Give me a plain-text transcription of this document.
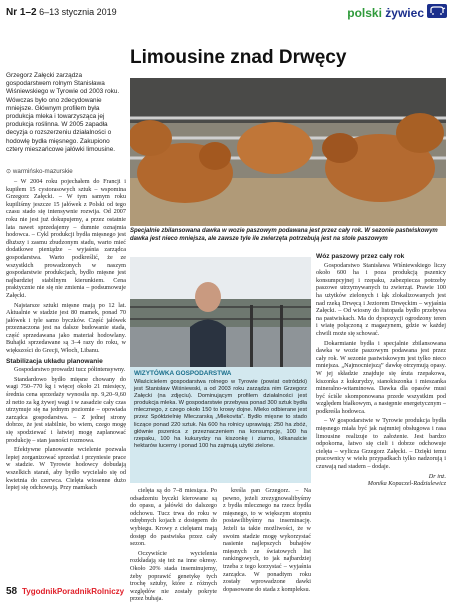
Nr 1–2 6–13 stycznia 2019	polski żywiec
Limousine znad Drwęcy
Grzegorz Załęcki zarządza gospodarstwem rolnym Stanisława Wiśniewskiego w Tyrowie od 2003 roku. Wówczas było ono zdecydowanie mniejsze. Głównym profilem była produkcja mleka i towarzysząca jej produkcja roślinna. W 2005 zapadła decyzja o rozszerzeniu działalności o hodowlę bydła mięsnego. Zakupiono cztery mieszańcowe jałówki limousine.
⊙ warmińsko-mazurskie

– W 2004 roku pojechałem do Francji i kupiłem 15 cystorasowych sztuk – wspomina Grzegorz Załęcki. – W tym samym roku kupiliśmy jeszcze 15 jałówek z Polski od tego czasu stado się intensywnie rozwija. Od 2007 roku nie jest już dokupujemy, a przez ostatnie lata nawet sprzedajemy – dumnie oznajmia hodowca. – Cykl produkcji bydła mięsnego jest dłuższy i zasmu zbudzonym stadu, warto mieć dodatkowe pieniądze – wyjaśnia zarządca gospodarstwa. Warto podkreślić, że ze wszystkich prowadzonych w naszym gospodarstwie produkcjach, bydło mięsne jest najbardziej stabilnym kierunkiem. Cena praktycznie nie się nie zmienia – podsumowuje Załęcki.

Najstarsze sztuki mięsne mają po 12 lat. Aktualnie w stadzie jest 80 mamek, ponad 70 jałówek i tyle samo byczków. Część jałówek przeznaczona jest na dalsze budowanie stada, część sprzedawana jako materiał hodowlany. Buhajki sprzedawane są 3–4 razy do roku, w większości do Grecji, Włoch, Libanu.

Stabilizacja układu planowanie

Gospodarstwo prowadzi tucz półintensywny.

Standardowo bydło mięsne chowany do wagi 750–770 kg i więcej około 21 miesięcy, średnia cena sprzedaży wynosiła np. 9,20–9,60 zł netto za kg żywej wagi i w zasadzie cały czas utrzymuje się na jednym poziomie – opowiada zarządca gospodarstwa. – Z jednej strony dobrze, że jest stabilnie, bo wiem, czego mogę się spodziewać i łatwiej mogę zaplanować produkcję – stan jasności rozmowa.

Efektywne planowanie wcielenie pozwala lepiej zorganizować sprzedaż i przyniesie prace w stadzie. W Tyrowie hodowcy dobudają wszelkich starań, aby bydło wycielało się od kwietnia do czerwca. Cielęta wiosenne dużo lepiej się odchowują. Przy mamkach

Specjalnie zbilansowana dawka w wozie paszowym podawana jest przez cały rok. W sezonie pastwiskowym dawka jest nieco mniejsza, ale zawsze tyle ile zwierzęta potrzebują jest na stole paszowym
WIZYTÓWKA GOSPODARSTWA
Właścicielem gospodarstwa rolnego w Tyrowie (powiat ostródzki) jest Stanisław Wiśniewski, a od 2003 roku zarządza nim Grzegorz Załęcki (na zdjęciu). Dominującym profilem działalności jest produkcja mleka. W gospodarstwie przebywa ponad 300 sztuk bydła mlecznego, z czego około 150 to krowy dojne. Mleko odbierane jest przez Spółdzielnię Mleczarską „Mlekovita”. Bydło mięsne to stado liczące ponad 220 sztuk. Na 600 ha rolnicy uprawiają: 250 ha zbóż, głównie pszenica z przeznaczeniem na konsumpcję, 100 ha rzepaku, 100 ha kukurydzy na kiszonkę i ziarno, kilkanaście hektarów lucerny i ponad 100 ha zajmują użytki zielone.

cielęta są do 7–8 miesiąca. Po odsadzeniu byczki kierowane są do opasu, a jałówki do dalszego odchowu. Tucz trwa do roku w odrębnych kojach z dostępem do wybiegu. Krowy z cielętami mają dostęp do pastwiska przez cały sezon.

Oczywiście wycielenia rozkładają się też na inne okresy. Około 20% stada inseminujemy, żeby poprawić genetykę tych trochę sztuby, które z różnych względów nie zostały pokryte przez buhaja.

kreśla pan Grzegorz. – Na pewno, jeżeli zrezygnowalibyśmy z bydła mlecznego na rzecz bydła mięsnego, to w większym stopniu postawilibyśmy na inseminację. Jeżeli ta takie możliwości, że w swoim stadzie mogę wykorzystać nasienie najlepszych buhajów mięsnych ze światowych list rankingowych, to jak najbardziej trzeba z tego korzystać – wyjaśnia zarządca. W ponadtym roku zostały wprowadzone dawki dopasowane do stada z kompleksu.

Wóz paszowy przez cały rok

Gospodarstwo Stanisława Wiśniewskiego liczy około 600 ha i poza produkcją pszenicy konsumpcyjnej i rzepaku, zabezpiecza potrzeby paszowe utrzymywanych tu zwierząt. Prawie 100 ha użytków zielonych i łąk zlokalizowanych jest nad rzeką Drwęcą i Jeziorem Drwęckim – wyjaśnia Załęcki. – Od wiosny do listopada bydło przebywa na pastwiskach. Ma do dyspozycji ogrodzony teren i wiatę połączoną z magazynem, gdzie w każdej chwili może się schować.

Dokarmianie bydła i specjalnie zbilansowana dawka w wozie paszowym podawana jest przez cały rok. W sezonie pastwiskowym jest tylko nieco mniejsza. „Najmocniejszą” dawkę otrzymują opasy. W jej składzie znajduje się śruta rzepakowa, kiszonka z kukurydzy, sianokiszonka i mieszanka mineralno-witaminowa. Dawka dla opasów musi być ściśle skomponowana przede wszystkim pod względem białkowym, a następnie energetycznym – podkreśla hodowca.

– W gospodarstwie w Tyrowie produkcja bydła mięsnego miała być jak najmniej obsługowa i rasa limousine realizuje to założenie. Jest bardzo odpokorna, łatwo się cieli i dobrze odchowuje cielęta – wylicza Grzegorz Załęcki. – Dzięki temu pracownicy w wielu przypadkach tylko nadzorują i czuwają nad stadem – dodaje.

Dr inż.
Monika Kopaczel-Radziulewicz
58 TygodnikPoradnikRolniczy
